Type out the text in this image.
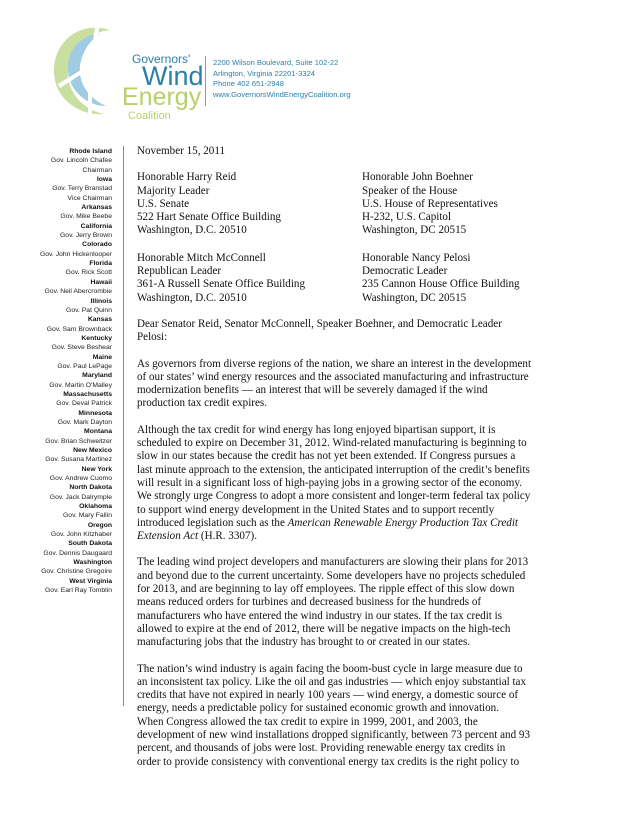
Governors'
Wind
Energy
Coalition
2200 Wilson Boulevard, Suite 102-22
Arlington, Virginia 22201-3324
Phone 402 651-2948
www.GovernorsWindEnergyCoalition.org
Rhode Island
Gov. Lincoln Chafee
Chairman
Iowa
Gov. Terry Branstad
Vice Chairman
Arkansas
Gov. Mike Beebe
California
Gov. Jerry Brown
Colorado
Gov. John Hickenlooper
Florida
Gov. Rick Scott
Hawaii
Gov. Neil Abercrombie
Illinois
Gov. Pat Quinn
Kansas
Gov. Sam Brownback
Kentucky
Gov. Steve Beshear
Maine
Gov. Paul LePage
Maryland
Gov. Martin O'Malley
Massachusetts
Gov. Deval Patrick
Minnesota
Gov. Mark Dayton
Montana
Gov. Brian Schweitzer
New Mexico
Gov. Susana Martinez
New York
Gov. Andrew Cuomo
North Dakota
Gov. Jack Dalrymple
Oklahoma
Gov. Mary Fallin
Oregon
Gov. John Kitzhaber
South Dakota
Gov. Dennis Daugaard
Washington
Gov. Christine Gregoire
West Virginia
Gov. Earl Ray Tomblin

November 15, 2011

Honorable Harry Reid
Majority Leader
U.S. Senate
522 Hart Senate Office Building
Washington, D.C. 20510
Honorable John Boehner
Speaker of the House
U.S. House of Representatives
H-232, U.S. Capitol
Washington, DC 20515
Honorable Mitch McConnell
Republican Leader
361-A Russell Senate Office Building
Washington, D.C. 20510
Honorable Nancy Pelosi
Democratic Leader
235 Cannon House Office Building
Washington, DC 20515

Dear Senator Reid, Senator McConnell, Speaker Boehner, and Democratic Leader
Pelosi:

As governors from diverse regions of the nation, we share an interest in the development
of our states’ wind energy resources and the associated manufacturing and infrastructure
modernization benefits — an interest that will be severely damaged if the wind
production tax credit expires.

Although the tax credit for wind energy has long enjoyed bipartisan support, it is
scheduled to expire on December 31, 2012. Wind-related manufacturing is beginning to
slow in our states because the credit has not yet been extended. If Congress pursues a
last minute approach to the extension, the anticipated interruption of the credit’s benefits
will result in a significant loss of high-paying jobs in a growing sector of the economy.
We strongly urge Congress to adopt a more consistent and longer-term federal tax policy
to support wind energy development in the United States and to support recently
introduced legislation such as the American Renewable Energy Production Tax Credit
Extension Act (H.R. 3307).

The leading wind project developers and manufacturers are slowing their plans for 2013
and beyond due to the current uncertainty. Some developers have no projects scheduled
for 2013, and are beginning to lay off employees. The ripple effect of this slow down
means reduced orders for turbines and decreased business for the hundreds of
manufacturers who have entered the wind industry in our states. If the tax credit is
allowed to expire at the end of 2012, there will be negative impacts on the high-tech
manufacturing jobs that the industry has brought to or created in our states.

The nation’s wind industry is again facing the boom-bust cycle in large measure due to
an inconsistent tax policy. Like the oil and gas industries — which enjoy substantial tax
credits that have not expired in nearly 100 years — wind energy, a domestic source of
energy, needs a predictable policy for sustained economic growth and innovation.
When Congress allowed the tax credit to expire in 1999, 2001, and 2003, the
development of new wind installations dropped significantly, between 73 percent and 93
percent, and thousands of jobs were lost. Providing renewable energy tax credits in
order to provide consistency with conventional energy tax credits is the right policy to
